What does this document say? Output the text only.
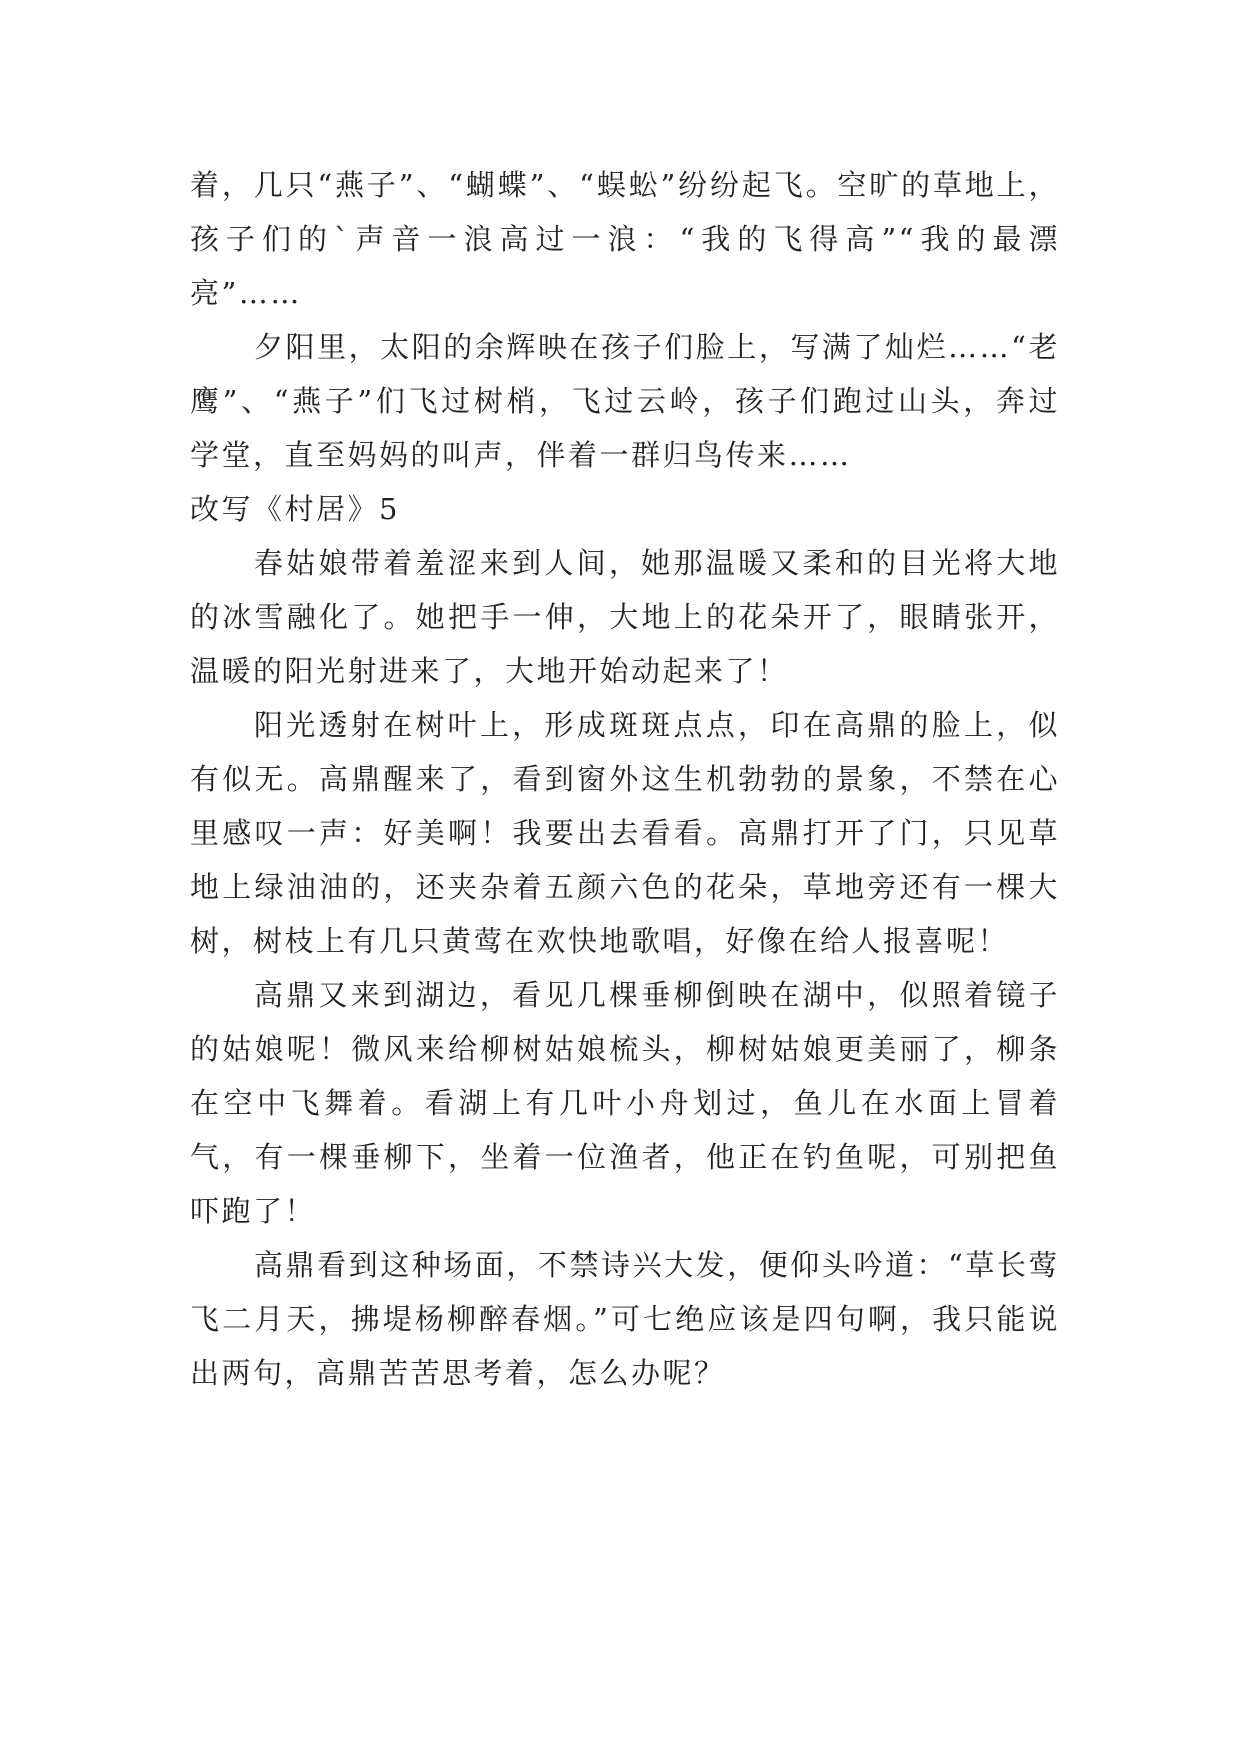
着，几只“燕子”、“蝴蝶”、“蜈蚣”纷纷起飞。空旷的草地上，孩子们的`声音一浪高过一浪：“我的飞得高”“我的最漂亮”……

夕阳里，太阳的余辉映在孩子们脸上，写满了灿烂……“老鹰”、“燕子”们飞过树梢，飞过云岭，孩子们跑过山头，奔过学堂，直至妈妈的叫声，伴着一群归鸟传来……

改写《村居》5

春姑娘带着羞涩来到人间，她那温暖又柔和的目光将大地的冰雪融化了。她把手一伸，大地上的花朵开了，眼睛张开，温暖的阳光射进来了，大地开始动起来了！

阳光透射在树叶上，形成斑斑点点，印在高鼎的脸上，似有似无。高鼎醒来了，看到窗外这生机勃勃的景象，不禁在心里感叹一声：好美啊！我要出去看看。高鼎打开了门，只见草地上绿油油的，还夹杂着五颜六色的花朵，草地旁还有一棵大树，树枝上有几只黄莺在欢快地歌唱，好像在给人报喜呢！

高鼎又来到湖边，看见几棵垂柳倒映在湖中，似照着镜子的姑娘呢！微风来给柳树姑娘梳头，柳树姑娘更美丽了，柳条在空中飞舞着。看湖上有几叶小舟划过，鱼儿在水面上冒着气，有一棵垂柳下，坐着一位渔者，他正在钓鱼呢，可别把鱼吓跑了！

高鼎看到这种场面，不禁诗兴大发，便仰头吟道：“草长莺飞二月天，拂堤杨柳醉春烟。”可七绝应该是四句啊，我只能说出两句，高鼎苦苦思考着，怎么办呢？
